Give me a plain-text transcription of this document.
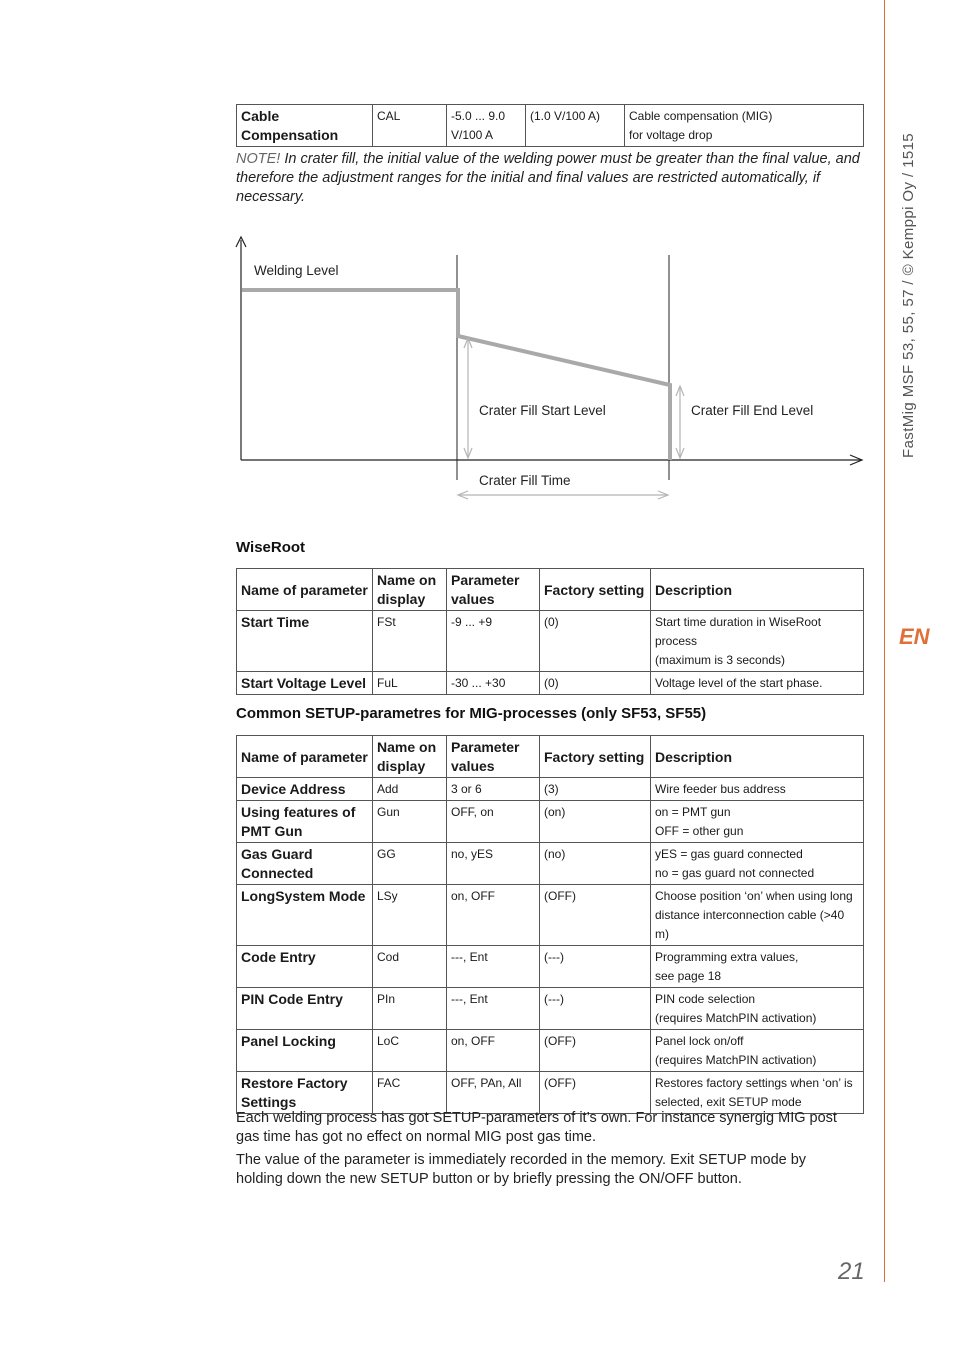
Cable Compensation	CAL	-5.0 ... 9.0 V/100 A	(1.0 V/100 A)	Cable compensation (MIG)
for voltage drop
NOTE! In crater fill, the initial value of the welding power must be greater than the final value, and therefore the adjustment ranges for the initial and final values are restricted automatically, if necessary.
Welding Level
Crater Fill Start Level	Crater Fill End Level
Crater Fill Time
WiseRoot
Name of parameter	Name on display	Parameter values	Factory setting	Description
Start Time	FSt	-9 ... +9	(0)	Start time duration in WiseRoot process
(maximum is 3 seconds)

Start Voltage Level	FuL	-30 ... +30	(0)	Voltage level of the start phase.
Common SETUP-parametres for MIG-processes (only SF53, SF55)
Name of parameter	Name on display	Parameter values	Factory setting	Description
Device Address	Add	3 or 6	(3)	Wire feeder bus address

Using features of PMT Gun	Gun	OFF, on	(on)	on = PMT gun
OFF = other gun

Gas Guard Connected	GG	no, yES	(no)	yES = gas guard connected
no = gas guard not connected

LongSystem Mode	LSy	on, OFF	(OFF)	Choose position ‘on’ when using long
distance interconnection cable (>40 m)

Code Entry	Cod	---, Ent	(---)	Programming extra values,
see page 18

PIN Code Entry	PIn	---, Ent	(---)	PIN code selection
(requires MatchPIN activation)

Panel Locking	LoC	on, OFF	(OFF)	Panel lock on/off
(requires MatchPIN activation)

Restore Factory Settings	FAC	OFF, PAn, All	(OFF)	Restores factory settings when ‘on’ is
selected, exit SETUP mode

Each welding process has got SETUP-parameters of it’s own. For instance synergig MIG post gas time has got no effect on normal MIG post gas time.

The value of the parameter is immediately recorded in the memory. Exit SETUP mode by holding down the new SETUP button or by briefly pressing the ON/OFF button.

FastMig MSF 53, 55, 57 / © Kemppi Oy / 1515
EN
21
